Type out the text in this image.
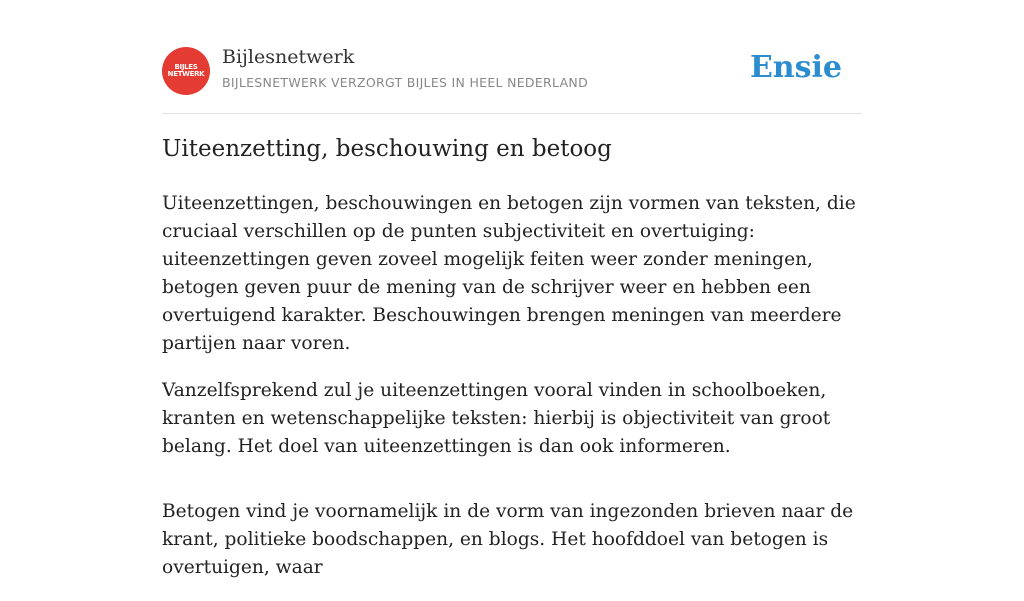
BIJLES
NETWERK
Bijlesnetwerk
BIJLESNETWERK VERZORGT BIJLES IN HEEL NEDERLAND	Ensie
Uiteenzetting, beschouwing en betoog

Uiteenzettingen, beschouwingen en betogen zijn vormen van teksten, die cruciaal verschillen op de punten subjectiviteit en overtuiging: uiteenzettingen geven zoveel mogelijk feiten weer zonder meningen, betogen geven puur de mening van de schrijver weer en hebben een overtuigend karakter. Beschouwingen brengen meningen van meerdere partijen naar voren.

Vanzelfsprekend zul je uiteenzettingen vooral vinden in schoolboeken, kranten en wetenschappelijke teksten: hierbij is objectiviteit van groot belang. Het doel van uiteenzettingen is dan ook informeren.

Betogen vind je voornamelijk in de vorm van ingezonden brieven naar de krant, politieke boodschappen, en blogs. Het hoofddoel van betogen is overtuigen, waar
